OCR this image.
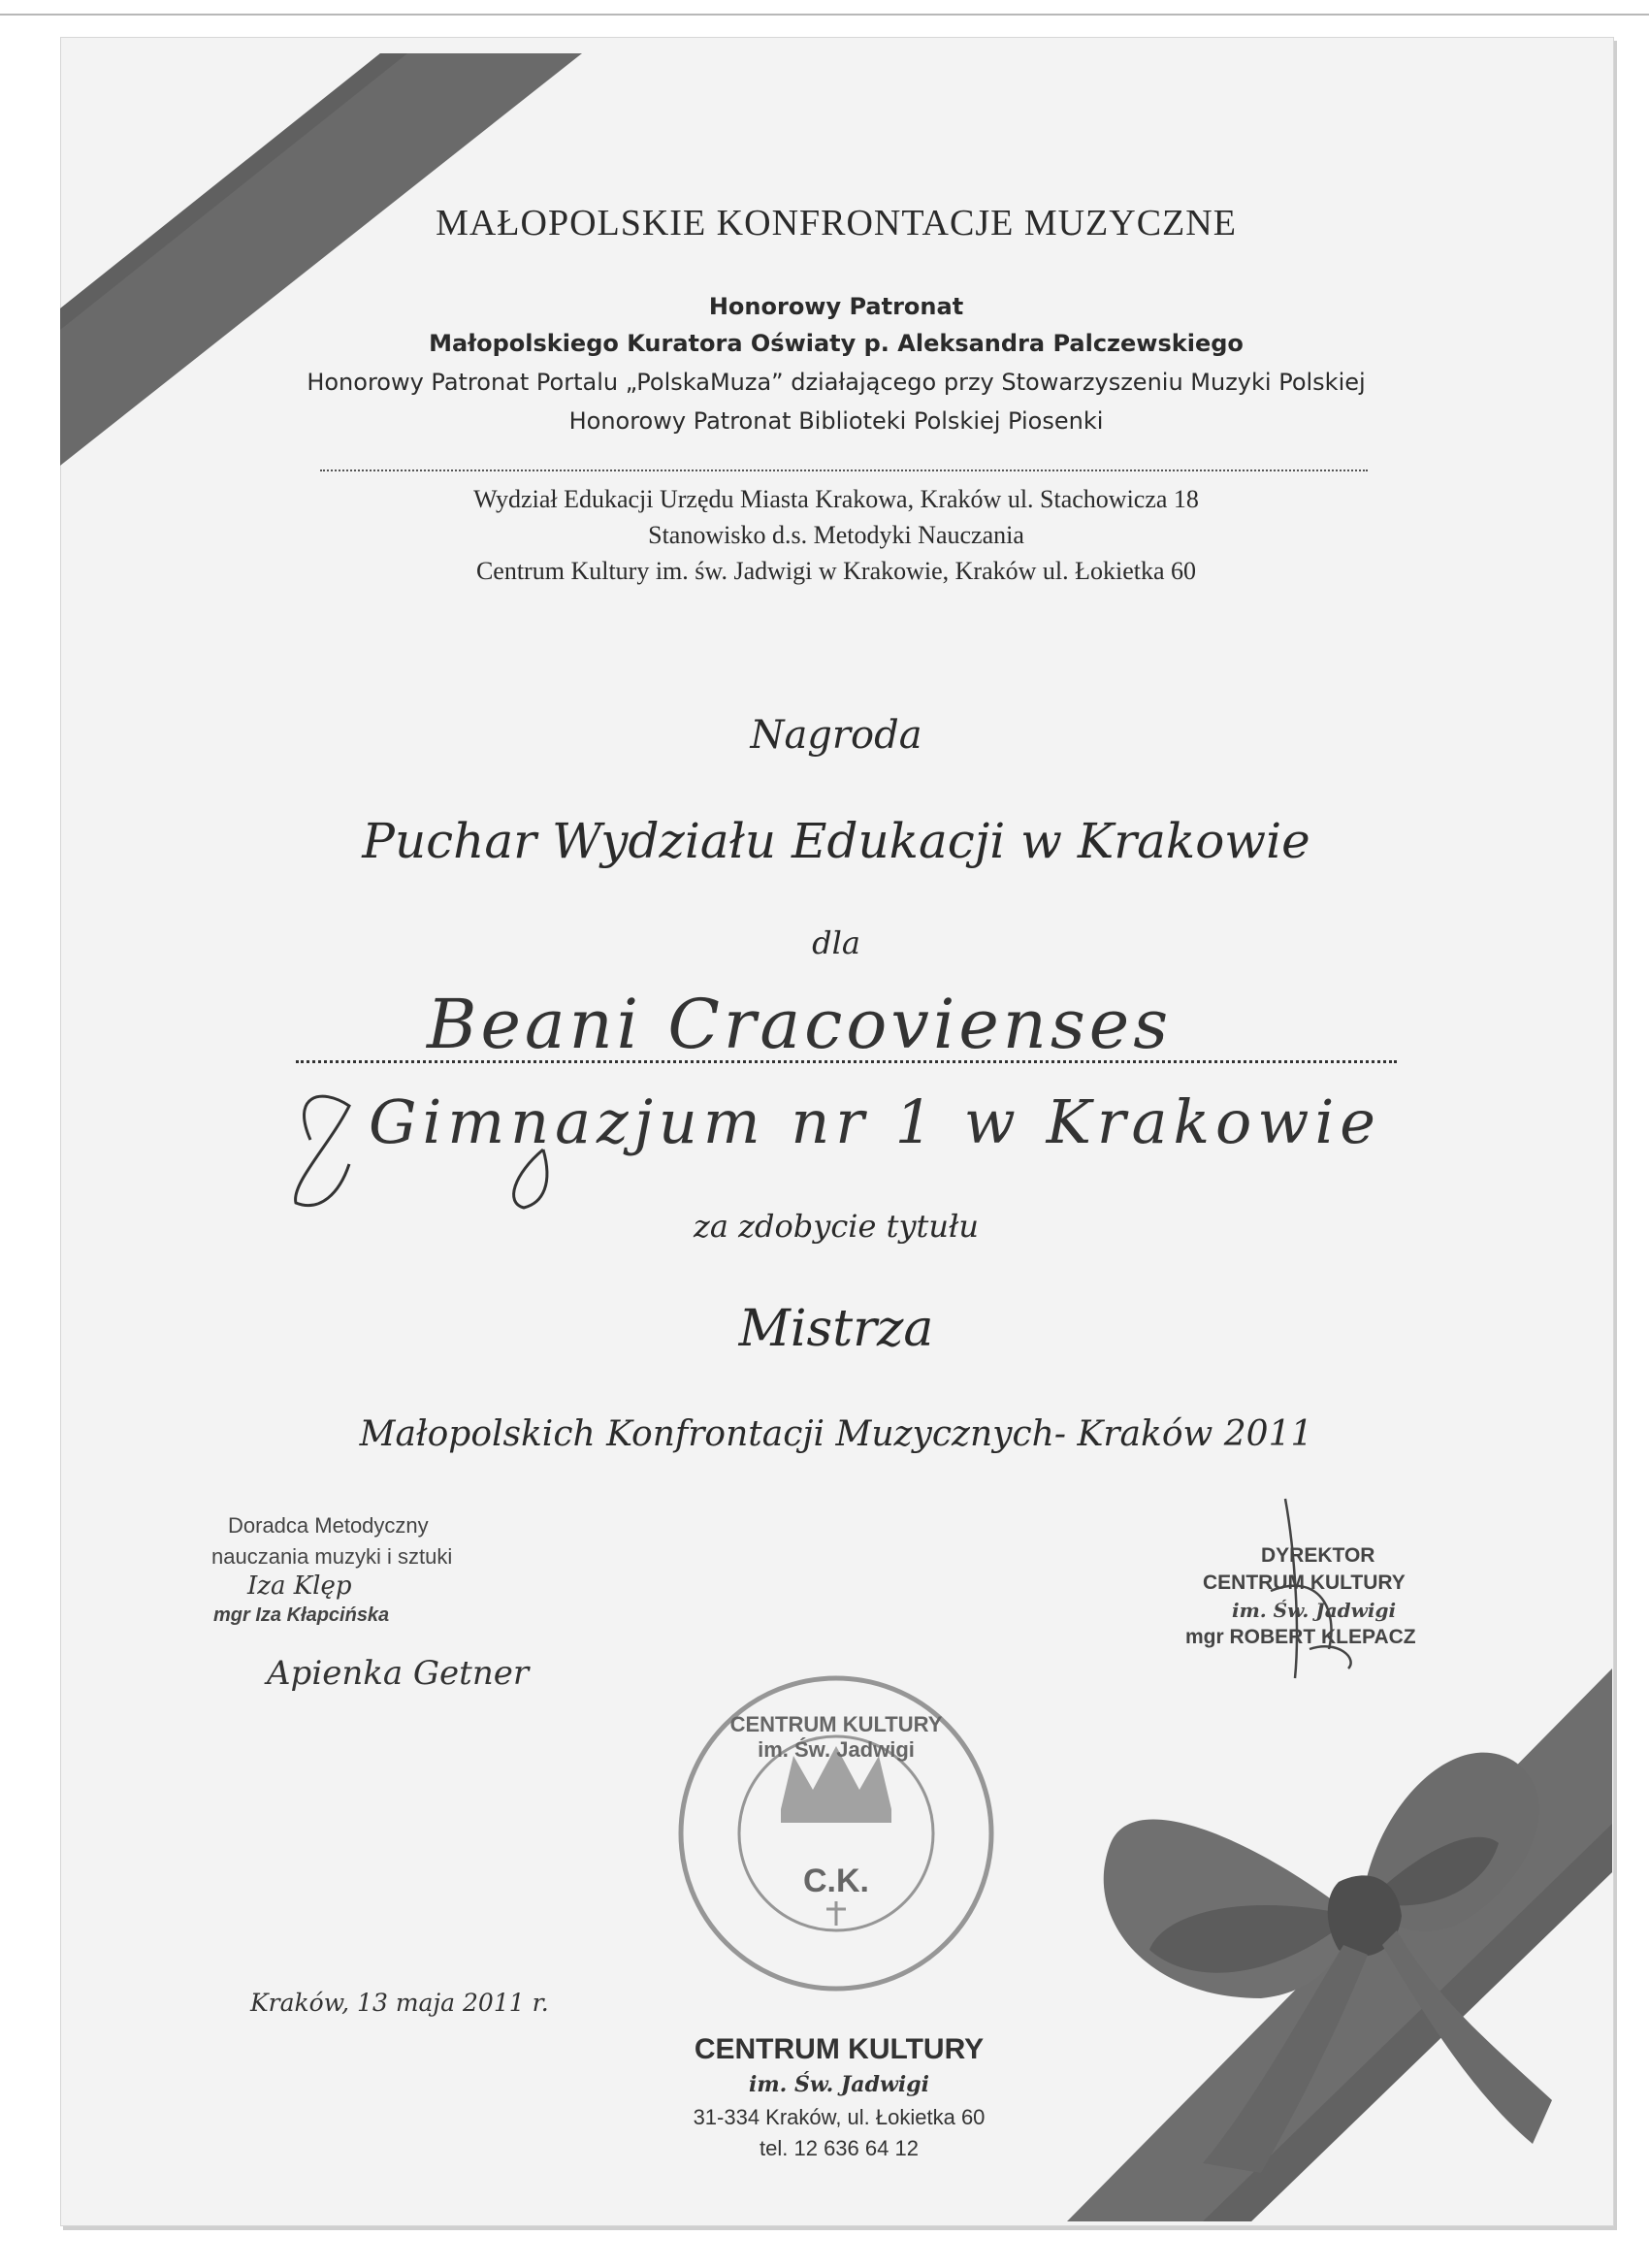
MAŁOPOLSKIE KONFRONTACJE MUZYCZNE
Honorowy Patronat
Małopolskiego Kuratora Oświaty p. Aleksandra Palczewskiego
Honorowy Patronat Portalu „PolskaMuza” działającego przy Stowarzyszeniu Muzyki Polskiej
Honorowy Patronat Biblioteki Polskiej Piosenki
Wydział Edukacji Urzędu Miasta Krakowa, Kraków ul. Stachowicza 18
Stanowisko d.s. Metodyki Nauczania
Centrum Kultury im. św. Jadwigi w Krakowie, Kraków ul. Łokietka 60
Nagroda
Puchar Wydziału Edukacji w Krakowie
dla
Beani Cracovienses
Gimnazjum nr 1 w Krakowie
za zdobycie tytułu
Mistrza
Małopolskich Konfrontacji Muzycznych- Kraków 2011
Doradca Metodyczny
nauczania muzyki i sztuki
Iza Klęp
mgr Iza Kłapcińska
Apienka Getner
DYREKTOR
CENTRUM KULTURY
im. Św. Jadwigi
mgr ROBERT KLEPACZ
CENTRUM KULTURY im. Św. Jadwigi
C.K.
Kraków, 13 maja 2011 r.
CENTRUM KULTURY
im. Św. Jadwigi
31-334 Kraków, ul. Łokietka 60
tel. 12 636 64 12
